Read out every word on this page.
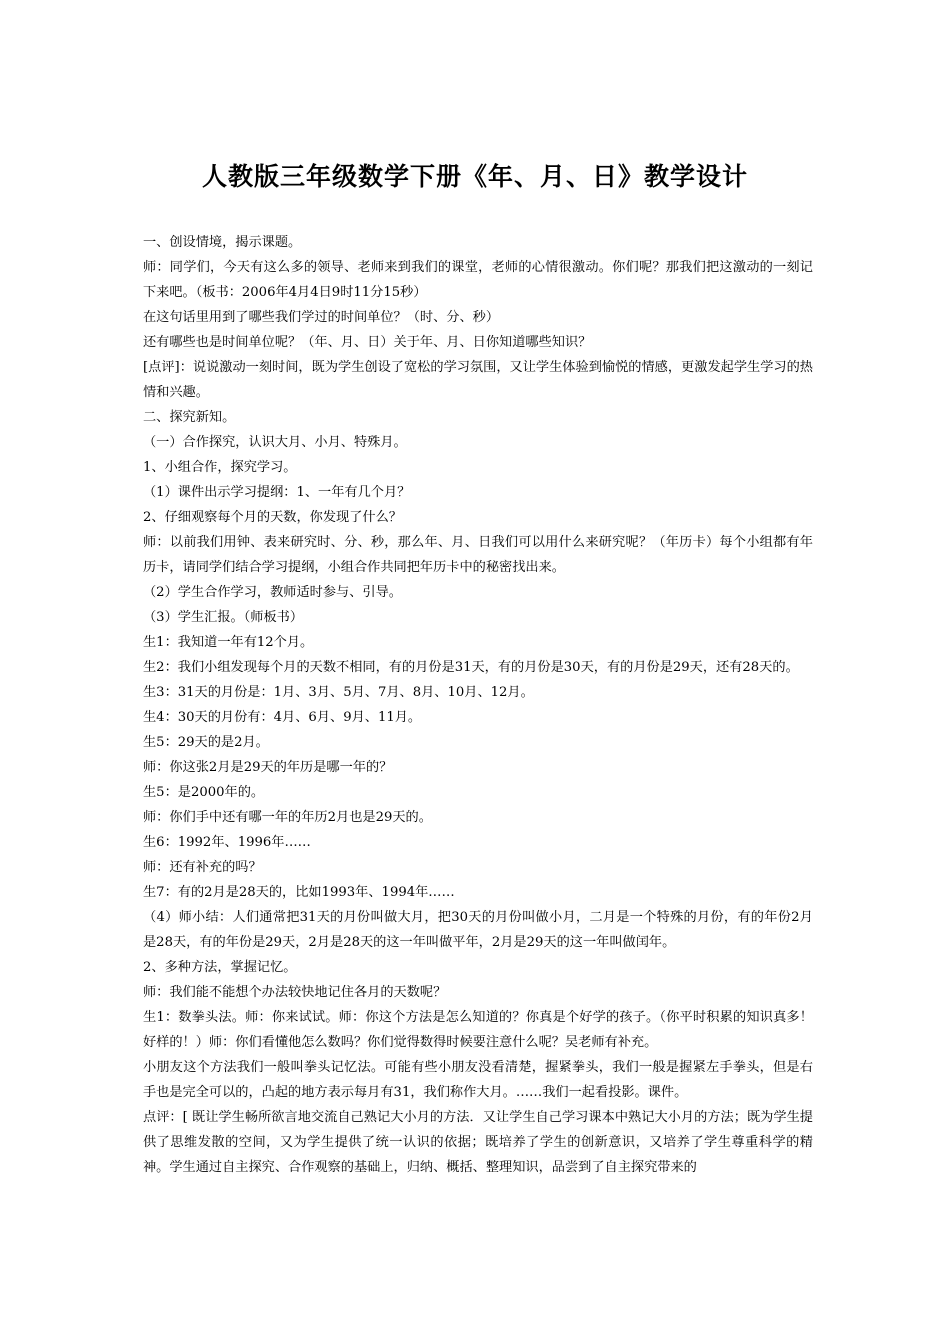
人教版三年级数学下册《年、月、日》教学设计

一、创设情境，揭示课题。

师：同学们，今天有这么多的领导、老师来到我们的课堂，老师的心情很激动。你们呢？那我们把这激动的一刻记下来吧。（板书：2006年4月4日9时11分15秒）

在这句话里用到了哪些我们学过的时间单位？（时、分、秒）

还有哪些也是时间单位呢？（年、月、日）关于年、月、日你知道哪些知识？

[点评]：说说激动一刻时间，既为学生创设了宽松的学习氛围，又让学生体验到愉悦的情感，更激发起学生学习的热情和兴趣。

二、探究新知。

（一）合作探究，认识大月、小月、特殊月。

1、小组合作，探究学习。

（1）课件出示学习提纲：1、一年有几个月？

2、仔细观察每个月的天数，你发现了什么？

师：以前我们用钟、表来研究时、分、秒，那么年、月、日我们可以用什么来研究呢？（年历卡）每个小组都有年历卡，请同学们结合学习提纲，小组合作共同把年历卡中的秘密找出来。

（2）学生合作学习，教师适时参与、引导。

（3）学生汇报。（师板书）

生1：我知道一年有12个月。

生2：我们小组发现每个月的天数不相同，有的月份是31天，有的月份是30天，有的月份是29天，还有28天的。

生3：31天的月份是：1月、3月、5月、7月、8月、10月、12月。

生4：30天的月份有：4月、6月、9月、11月。

生5：29天的是2月。

师：你这张2月是29天的年历是哪一年的？

生5：是2000年的。

师：你们手中还有哪一年的年历2月也是29天的。

生6：1992年、1996年……

师：还有补充的吗？

生7：有的2月是28天的，比如1993年、1994年……

（4）师小结：人们通常把31天的月份叫做大月，把30天的月份叫做小月，二月是一个特殊的月份，有的年份2月是28天，有的年份是29天，2月是28天的这一年叫做平年，2月是29天的这一年叫做闰年。

2、多种方法，掌握记忆。

师：我们能不能想个办法较快地记住各月的天数呢？

生1：数拳头法。师：你来试试。师：你这个方法是怎么知道的？你真是个好学的孩子。（你平时积累的知识真多！好样的！）师：你们看懂他怎么数吗？你们觉得数得时候要注意什么呢？吴老师有补充。

小朋友这个方法我们一般叫拳头记忆法。可能有些小朋友没看清楚，握紧拳头，我们一般是握紧左手拳头，但是右手也是完全可以的，凸起的地方表示每月有31，我们称作大月。……我们一起看投影。课件。

点评：[ 既让学生畅所欲言地交流自己熟记大小月的方法．又让学生自己学习课本中熟记大小月的方法；既为学生提供了思维发散的空间，又为学生提供了统一认识的依据；既培养了学生的创新意识，又培养了学生尊重科学的精神。学生通过自主探究、合作观察的基础上，归纳、概括、整理知识，品尝到了自主探究带来的
